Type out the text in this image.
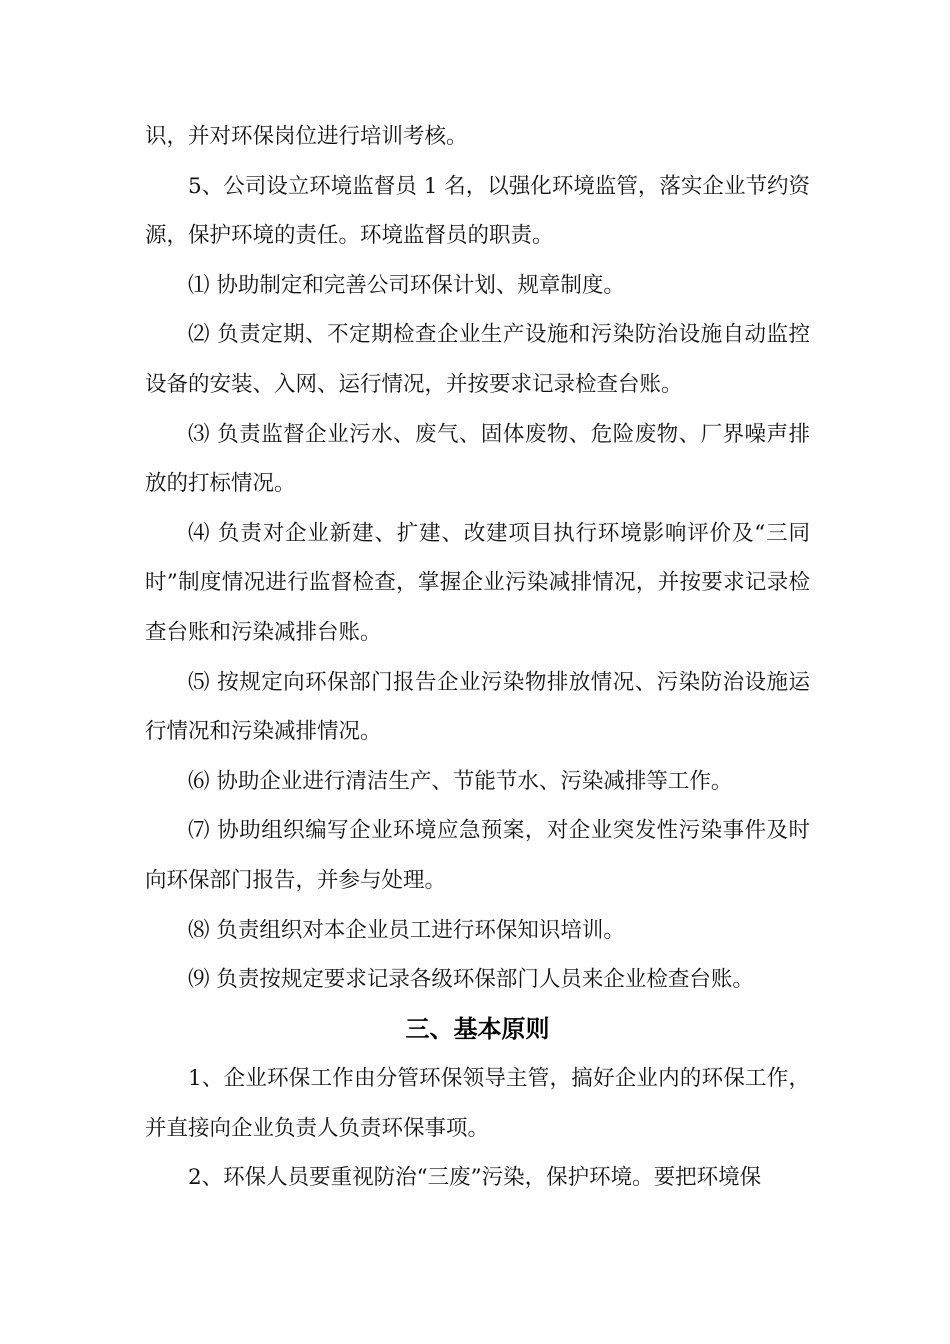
识，并对环保岗位进行培训考核。

5、公司设立环境监督员 1 名，以强化环境监管，落实企业节约资源，保护环境的责任。环境监督员的职责。

⑴ 协助制定和完善公司环保计划、规章制度。

⑵ 负责定期、不定期检查企业生产设施和污染防治设施自动监控设备的安装、入网、运行情况，并按要求记录检查台账。

⑶ 负责监督企业污水、废气、固体废物、危险废物、厂界噪声排放的打标情况。

⑷ 负责对企业新建、扩建、改建项目执行环境影响评价及“三同时”制度情况进行监督检查，掌握企业污染减排情况，并按要求记录检查台账和污染减排台账。

⑸ 按规定向环保部门报告企业污染物排放情况、污染防治设施运行情况和污染减排情况。

⑹ 协助企业进行清洁生产、节能节水、污染减排等工作。

⑺ 协助组织编写企业环境应急预案，对企业突发性污染事件及时向环保部门报告，并参与处理。

⑻ 负责组织对本企业员工进行环保知识培训。

⑼ 负责按规定要求记录各级环保部门人员来企业检查台账。

三、基本原则

1、企业环保工作由分管环保领导主管，搞好企业内的环保工作，并直接向企业负责人负责环保事项。

2、环保人员要重视防治“三废”污染，保护环境。要把环境保
